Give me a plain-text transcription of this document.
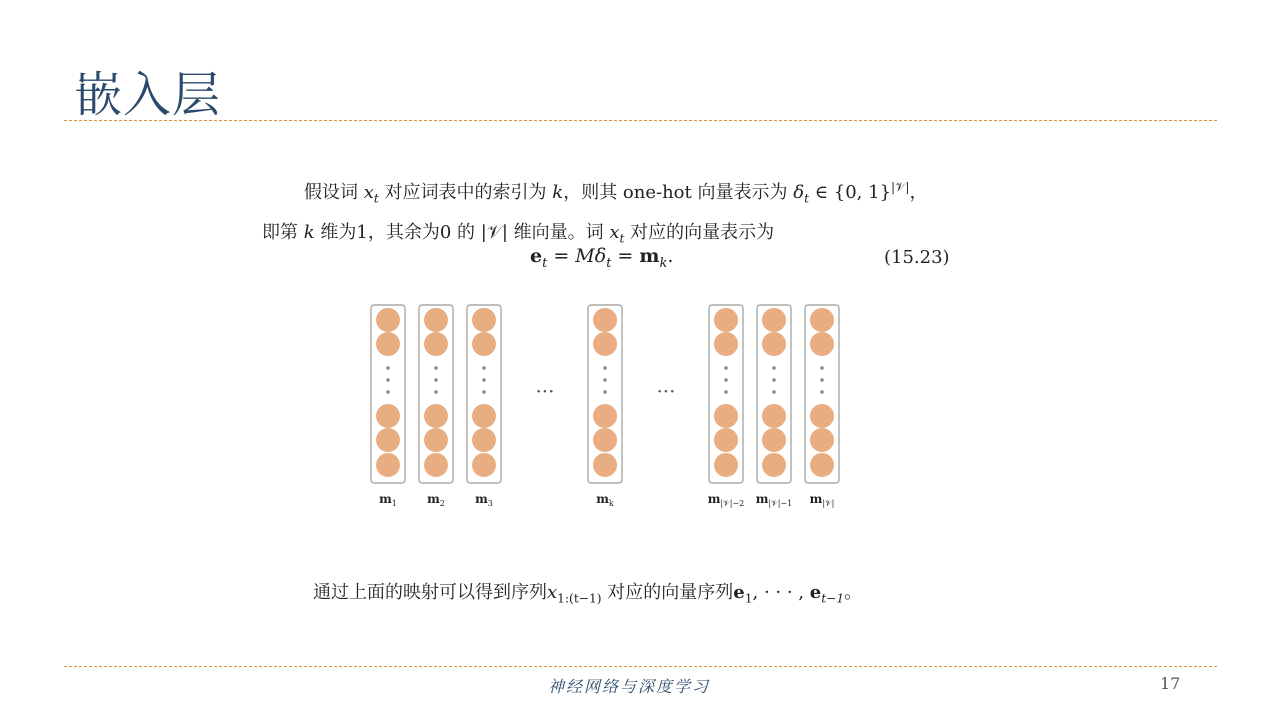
嵌入层
假设词 $x_t$ 对应词表中的索引为 k，则其 one-hot 向量表示为 $\delta_t$ ∈ {0, 1}$^{|𝒱|}$，
即第 k 维为1，其余为0 的 |𝒱| 维向量。词 $x_t$ 对应的向量表示为
$e_t = M\delta_t = m_k$.	(15.23)
$m_1$	$m_2$	$m_3$	$m_k$	$m_{|𝒱|-2}$ $m_{|𝒱|-1}$ $m_{|𝒱|}$
···	···
通过上面的映射可以得到序列$x_{1:(t-1)}$ 对应的向量序列$e_1$, · · · , $e_{t-1}$。
神经网络与深度学习	17
